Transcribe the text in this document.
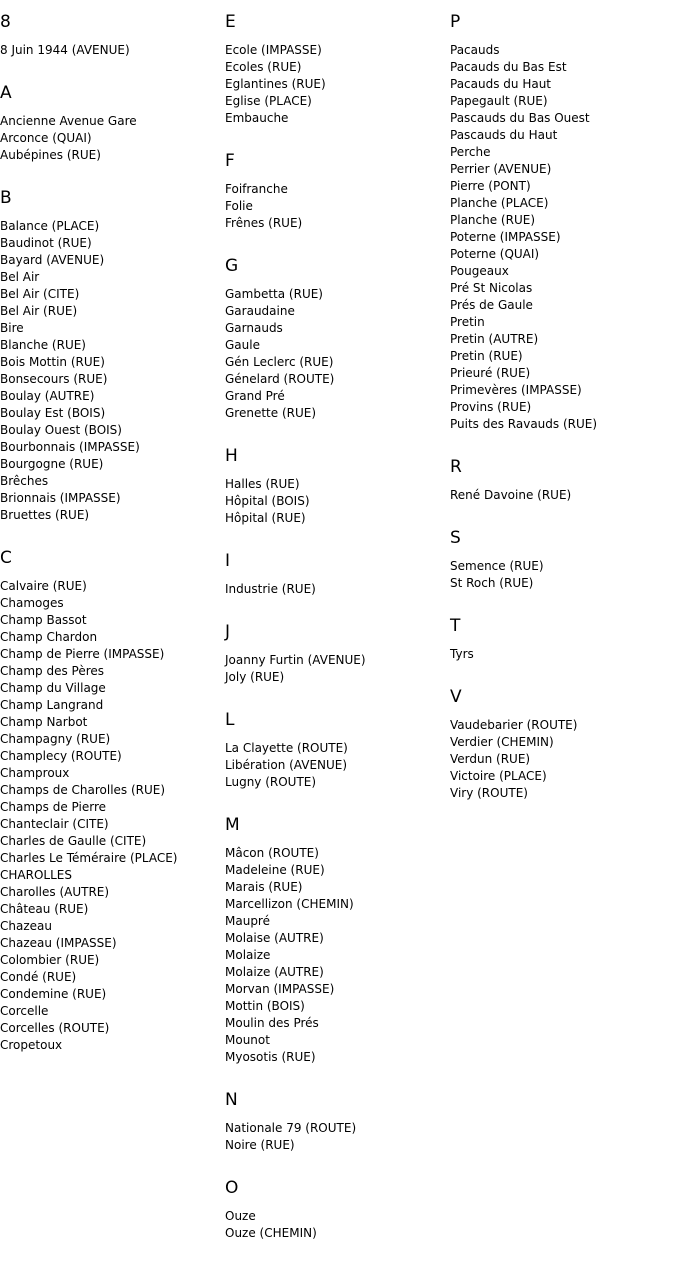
8
8 Juin 1944 (AVENUE)
A
Ancienne Avenue Gare
Arconce (QUAI)
Aubépines (RUE)
B
Balance (PLACE)
Baudinot (RUE)
Bayard (AVENUE)
Bel Air
Bel Air (CITE)
Bel Air (RUE)
Bire
Blanche (RUE)
Bois Mottin (RUE)
Bonsecours (RUE)
Boulay (AUTRE)
Boulay Est (BOIS)
Boulay Ouest (BOIS)
Bourbonnais (IMPASSE)
Bourgogne (RUE)
Brêches
Brionnais (IMPASSE)
Bruettes (RUE)
C
Calvaire (RUE)
Chamoges
Champ Bassot
Champ Chardon
Champ de Pierre (IMPASSE)
Champ des Pères
Champ du Village
Champ Langrand
Champ Narbot
Champagny (RUE)
Champlecy (ROUTE)
Champroux
Champs de Charolles (RUE)
Champs de Pierre
Chanteclair (CITE)
Charles de Gaulle (CITE)
Charles Le Téméraire (PLACE)
CHAROLLES
Charolles (AUTRE)
Château (RUE)
Chazeau
Chazeau (IMPASSE)
Colombier (RUE)
Condé (RUE)
Condemine (RUE)
Corcelle
Corcelles (ROUTE)
Cropetoux
E
Ecole (IMPASSE)
Ecoles (RUE)
Eglantines (RUE)
Eglise (PLACE)
Embauche
F
Foifranche
Folie
Frênes (RUE)
G
Gambetta (RUE)
Garaudaine
Garnauds
Gaule
Gén Leclerc (RUE)
Génelard (ROUTE)
Grand Pré
Grenette (RUE)
H
Halles (RUE)
Hôpital (BOIS)
Hôpital (RUE)
I
Industrie (RUE)
J
Joanny Furtin (AVENUE)
Joly (RUE)
L
La Clayette (ROUTE)
Libération (AVENUE)
Lugny (ROUTE)
M
Mâcon (ROUTE)
Madeleine (RUE)
Marais (RUE)
Marcellizon (CHEMIN)
Maupré
Molaise (AUTRE)
Molaize
Molaize (AUTRE)
Morvan (IMPASSE)
Mottin (BOIS)
Moulin des Prés
Mounot
Myosotis (RUE)
N
Nationale 79 (ROUTE)
Noire (RUE)
O
Ouze
Ouze (CHEMIN)
P
Pacauds
Pacauds du Bas Est
Pacauds du Haut
Papegault (RUE)
Pascauds du Bas Ouest
Pascauds du Haut
Perche
Perrier (AVENUE)
Pierre (PONT)
Planche (PLACE)
Planche (RUE)
Poterne (IMPASSE)
Poterne (QUAI)
Pougeaux
Pré St Nicolas
Prés de Gaule
Pretin
Pretin (AUTRE)
Pretin (RUE)
Prieuré (RUE)
Primevères (IMPASSE)
Provins (RUE)
Puits des Ravauds (RUE)
R
René Davoine (RUE)
S
Semence (RUE)
St Roch (RUE)
T
Tyrs
V
Vaudebarier (ROUTE)
Verdier (CHEMIN)
Verdun (RUE)
Victoire (PLACE)
Viry (ROUTE)
